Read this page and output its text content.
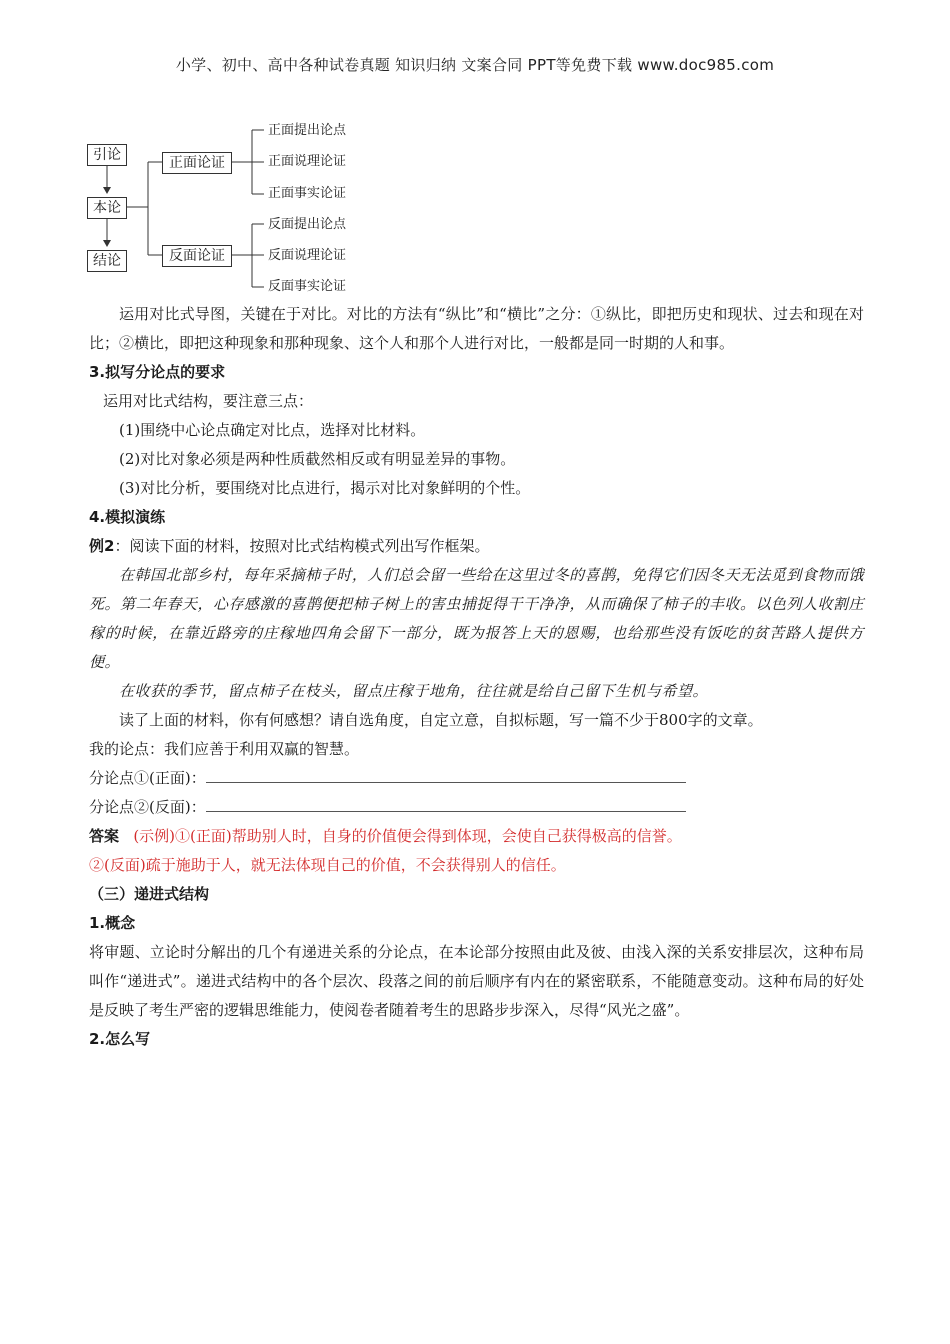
小学、初中、高中各种试卷真题 知识归纳 文案合同 PPT等免费下载 www.doc985.com
引论
本论
结论
正面论证
反面论证
正面提出论点
正面说理论证
正面事实论证
反面提出论点
反面说理论证
反面事实论证

运用对比式导图，关键在于对比。对比的方法有“纵比”和“横比”之分：①纵比，即把历史和现状、过去和现在对比；②横比，即把这种现象和那种现象、这个人和那个人进行对比，一般都是同一时期的人和事。

3.拟写分论点的要求

运用对比式结构，要注意三点：

(1)围绕中心论点确定对比点，选择对比材料。

(2)对比对象必须是两种性质截然相反或有明显差异的事物。

(3)对比分析，要围绕对比点进行，揭示对比对象鲜明的个性。

4.模拟演练

例2：阅读下面的材料，按照对比式结构模式列出写作框架。

在韩国北部乡村，每年采摘柿子时，人们总会留一些给在这里过冬的喜鹊，免得它们因冬天无法觅到食物而饿死。第二年春天，心存感激的喜鹊便把柿子树上的害虫捕捉得干干净净，从而确保了柿子的丰收。以色列人收割庄稼的时候，在靠近路旁的庄稼地四角会留下一部分，既为报答上天的恩赐，也给那些没有饭吃的贫苦路人提供方便。

在收获的季节，留点柿子在枝头，留点庄稼于地角，往往就是给自己留下生机与希望。

读了上面的材料，你有何感想？请自选角度，自定立意，自拟标题，写一篇不少于800字的文章。

我的论点：我们应善于利用双赢的智慧。

分论点①(正面)：

分论点②(反面)：

答案 (示例)①(正面)帮助别人时，自身的价值便会得到体现，会使自己获得极高的信誉。

②(反面)疏于施助于人，就无法体现自己的价值，不会获得别人的信任。

（三）递进式结构

1.概念

将审题、立论时分解出的几个有递进关系的分论点，在本论部分按照由此及彼、由浅入深的关系安排层次，这种布局叫作“递进式”。递进式结构中的各个层次、段落之间的前后顺序有内在的紧密联系，不能随意变动。这种布局的好处是反映了考生严密的逻辑思维能力，使阅卷者随着考生的思路步步深入，尽得“风光之盛”。

2.怎么写
